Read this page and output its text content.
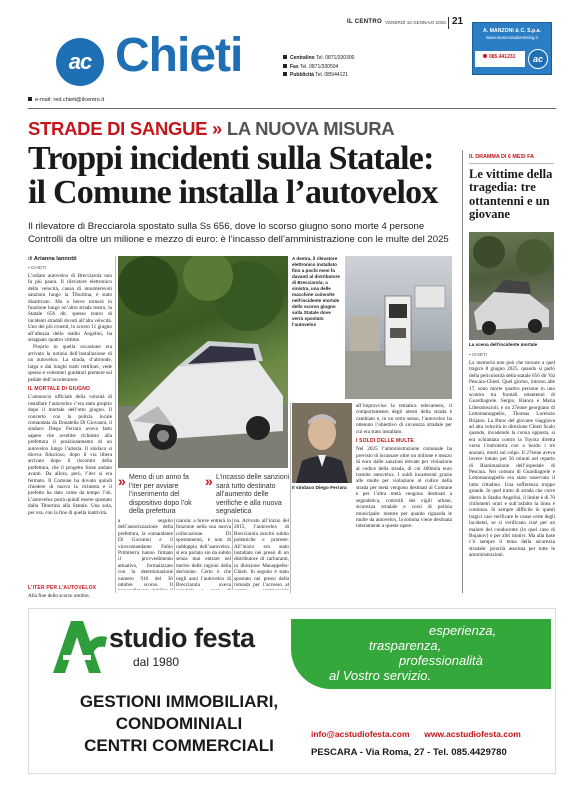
IL CENTRO VENERDÌ 16 GENNAIO 2026 21
ac Chieti	Centralino Tel. 0871/330300
Fax Tel. 0871/330504
Pubblicità Tel. 085/44121
A. MANZONI & C. S.p.a.
www.manzoniadvertising.it
ac
085.441231
e-mail: red.chieti@ilcentro.it
STRADE DI SANGUE » LA NUOVA MISURA
Troppi incidenti sulla Statale:
il Comune installa l’autovelox
Il rilevatore di Brecciarola spostato sulla Ss 656, dove lo scorso giugno sono morte 4 persone
Controlli da oltre un milione e mezzo di euro: è l’incasso dell’amministrazione con le multe del 2025
di Arianna Iannotti
▪ CHIETI

L’odiato autovelox di Brecciarola non fa più paura. Il rilevatore elettronico della velocità, causa di innumerevoli sanzioni lungo la Tiburtina, è stato disattivato. Ma a breve tornerà in funzione lungo un’altra strada teatro, la Statale 656 dir, spesso teatro di incidenti stradali dovuti all’alta velocità. Uno dei più cruenti, lo scorso 11 giugno all’altezza dello stadio Angelini, ha strappato quattro vittime.

Proprio in quella occasione era arrivata la notizia dell’installazione di un autovelox. La strada, d’altronde, larga e dai lunghi tratti rettilinei, vede spesso e volentieri guidatori premere sul pedale dell’acceleratore.

IL MORTALE DI GIUGNO

L’annuncio ufficiale della volontà di installare l’autovelox c’era stato proprio dopo il mortale dell’otto giugno. Il concerto con la polizia locale comandata da Donatella Di Giovanni, il sindaco Diego Ferrara aveva fatto sapere che avrebbe richiesto alla prefettura il posizionamento di un autovelox lungo l’arteria. Il sindaco si diceva fiducioso, dopo il via libera arrivato dopo il riscontro della prefettura, che il progetto fosse andato avanti. Da allora, però, l’iter si era fermato. Il Comune ha dovuto quindi chiedere di nuovo la richiesta e il prefetto ha dato come da tempo l’ok. L’autovelox potrà quindi essere spostato dalla Tiburtina alla Statale. Una sola, per ora, con la fine di quella inattività.

L’ITER PER L’AUTOVELOX
Alla fine dello scorso ottobre,
A destra, il rilevatore elettronico installato fino a pochi mesi fa davanti al distributore di Brecciarola; a sinistra, una delle macchine coinvolte nell’incidente mortale dello scorso giugno sulla Statale dove verrà spostato l’autovelox
Il sindaco Diego Ferrara
» Meno di un anno fa l’iter per avviare l’inserimento del dispositivo dopo l’ok della prefettura
» L’incasso delle sanzioni sarà tutto destinato all’aumento delle verifiche e alla nuova segnaletica
a seguito dell’autorizzazione della prefettura, la comandante Di Giovanni e il vicecomandante Fabio Primiterra hanno firmato il provvedimento attuativo, formalizzato con la determinazione numero 910 del 30 ottobre scorso. Il
ciarola: a breve entrerà in funzione nella sua nuova collocazione. Di spostamento, e non di raddoppio dell’autovelox, si era parlato sin da subito senza mai entrare nel merito delle ragioni della decisione. Certo è che negli anni l’autovelox di Brecciarola aveva
na. Arrivato all’inizio del 2015, l’autovelox di Brecciarola suscitò subito polemiche e proteste. All’inizio era stato installato nei pressi di un distributore di carburanti, in direzione Manoppello-Chieti. In seguito è stato spostato nei pressi della rotonda per l’accesso al

all’improvviso la tematica telecamera, il comportamento degli utenti della strada è cambiato e, in un certo senso, l’autovelox ha ottenuto l’obiettivo di sicurezza stradale per cui era stato installato.

I SOLDI DELLE MULTE

Nel 2025 l’amministrazione comunale ha previsto di incassare oltre un milione e mezzo di euro dalle sanzioni elevate per violazione al codice della strada, di cui 400mila euro tramite autovelox. I soldi incamerati grazie alle multe per violazione al codice della strada per metà vengono destinati al Comune e per l’altra metà vengono destinati a segnaletica, controlli dei vigili urbani, sicurezza stradale e corsi di polizia municipale: mentre per quanto riguarda le multe da autovelox, la somma viene destinata interamente a queste opere.

IL DRAMMA DI 6 MESI FA
Le vittime della tragedia: tre ottantenni e un giovane
La scena dell’incidente mortale
▪ CHIETI
La memoria non può che tornare a quel tragico 8 giugno 2025, quando si parlò della pericolosità della statale 656 dir Val Pescara-Chieti. Quel giorno, intorno alle 17, sono morte quattro persone in uno scontro tra frontali ottantenni di Guardiagrele. Sergio, Bianca e Maria Liberatoscioli, e un 27enne georgiano di Lettomanoppello, Thomas Loreinzo Brijano. La Bmw del giovane viaggiava ad alta velocità in direzione Chieti Scalo quando, invadendo la corsia opposta, si era schiantata contro la Toyota diretta verso l’entroterra con a bordo i tre anziani, morti sul colpo. Il 27enne aveva invece lottato per 50 minuti nel reparto di Rianimazione dell’ospedale di Pescara. Nei comuni di Guardiagrele e Lettomanoppello era stato osservato il lutto cittadino. Una sofferenza troppo grande. In quel tratto di strada che corre dietro lo Stadio Angelini, il limite è di 70 chilometri orari e sull’asfalto la linea è continua. Si sempre difficile in questi tragici casi verificare le cause certe degli incidenti, se si verificano cioè per un malore del conducente (in quel caso di Bojanov) o per altri motivi. Ma alla base c’è sempre il tema della sicurezza stradale: priorità assoluta per tutte le amministrazioni.
esperienza,
trasparenza,
professionalità
al Vostro servizio.
studio festa
dal 1980
GESTIONI IMMOBILIARI,
CONDOMINIALI
CENTRI COMMERCIALI
info@acstudiofesta.com www.acstudiofesta.com
PESCARA - Via Roma, 27 - Tel. 085.4429780
